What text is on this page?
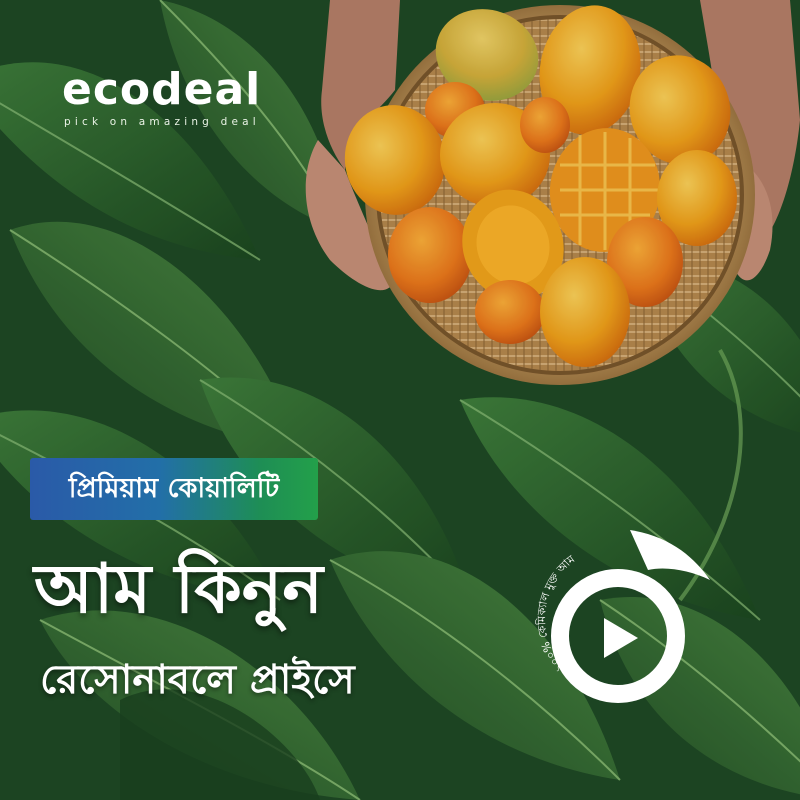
ecodeal
pick on amazing deal
প্রিমিয়াম কোয়ালিটি
আম কিনুন
রেসোনাবলে প্রাইসে	১০০% কেমিক্যাল মুক্ত আম
